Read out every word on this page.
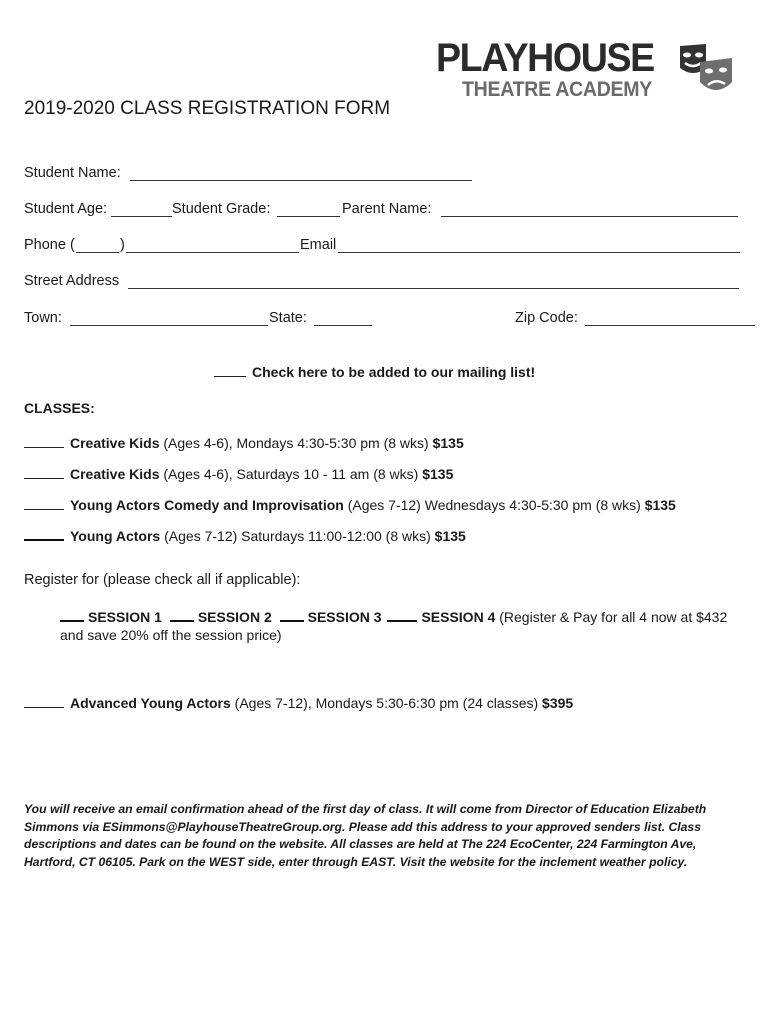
PLAYHOUSE
THEATRE ACADEMY
2019-2020 CLASS REGISTRATION FORM
Student Name:
Student Age:	Student Grade:	Parent Name:
Phone (	)	Email
Street Address
Town:	State:	Zip Code:
Check here to be added to our mailing list!
CLASSES:
Creative Kids (Ages 4-6), Mondays 4:30-5:30 pm (8 wks) $135
Creative Kids (Ages 4-6), Saturdays 10 - 11 am (8 wks) $135
Young Actors Comedy and Improvisation (Ages 7-12) Wednesdays 4:30-5:30 pm (8 wks) $135
Young Actors (Ages 7-12) Saturdays 11:00-12:00 (8 wks) $135
Register for (please check all if applicable):
SESSION 1	SESSION 2	SESSION 3	SESSION 4 (Register & Pay for all 4 now at $432 and save 20% off the session price)
Advanced Young Actors (Ages 7-12), Mondays 5:30-6:30 pm (24 classes) $395
You will receive an email confirmation ahead of the first day of class. It will come from Director of Education Elizabeth Simmons via ESimmons@PlayhouseTheatreGroup.org. Please add this address to your approved senders list. Class descriptions and dates can be found on the website. All classes are held at The 224 EcoCenter, 224 Farmington Ave, Hartford, CT 06105. Park on the WEST side, enter through EAST. Visit the website for the inclement weather policy.
